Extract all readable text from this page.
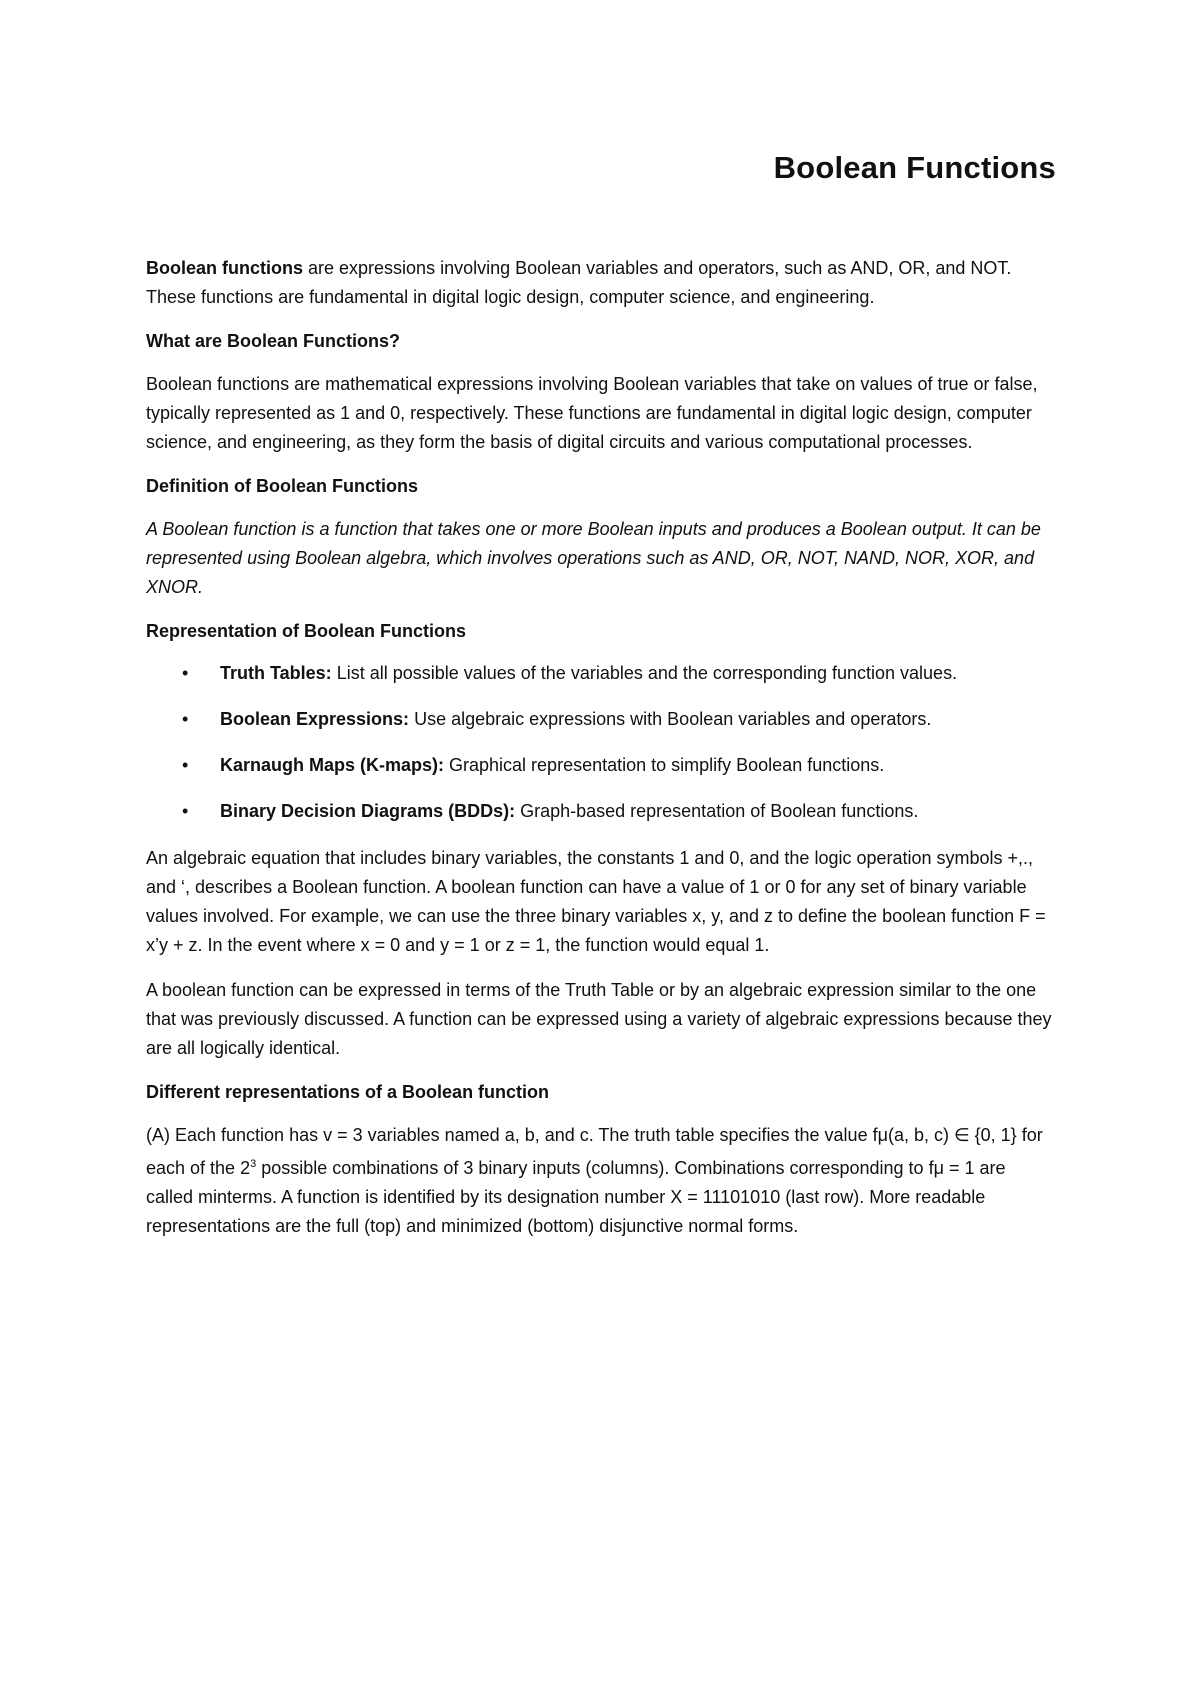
Boolean Functions

Boolean functions are expressions involving Boolean variables and operators, such as AND, OR, and NOT. These functions are fundamental in digital logic design, computer science, and engineering.

What are Boolean Functions?

Boolean functions are mathematical expressions involving Boolean variables that take on values of true or false, typically represented as 1 and 0, respectively. These functions are fundamental in digital logic design, computer science, and engineering, as they form the basis of digital circuits and various computational processes.

Definition of Boolean Functions

A Boolean function is a function that takes one or more Boolean inputs and produces a Boolean output. It can be represented using Boolean algebra, which involves operations such as AND, OR, NOT, NAND, NOR, XOR, and XNOR.

Representation of Boolean Functions
• Truth Tables: List all possible values of the variables and the corresponding function values.
• Boolean Expressions: Use algebraic expressions with Boolean variables and operators.
• Karnaugh Maps (K-maps): Graphical representation to simplify Boolean functions.
• Binary Decision Diagrams (BDDs): Graph-based representation of Boolean functions.

An algebraic equation that includes binary variables, the constants 1 and 0, and the logic operation symbols +,., and ‘, describes a Boolean function. A boolean function can have a value of 1 or 0 for any set of binary variable values involved. For example, we can use the three binary variables x, y, and z to define the boolean function F = x’y + z. In the event where x = 0 and y = 1 or z = 1, the function would equal 1.

A boolean function can be expressed in terms of the Truth Table or by an algebraic expression similar to the one that was previously discussed. A function can be expressed using a variety of algebraic expressions because they are all logically identical.

Different representations of a Boolean function

(A) Each function has v = 3 variables named a, b, and c. The truth table specifies the value fμ(a, b, c) ∈ {0, 1} for each of the $2^3$ possible combinations of 3 binary inputs (columns). Combinations corresponding to fμ = 1 are called minterms. A function is identified by its designation number X = 11101010 (last row). More readable representations are the full (top) and minimized (bottom) disjunctive normal forms.
